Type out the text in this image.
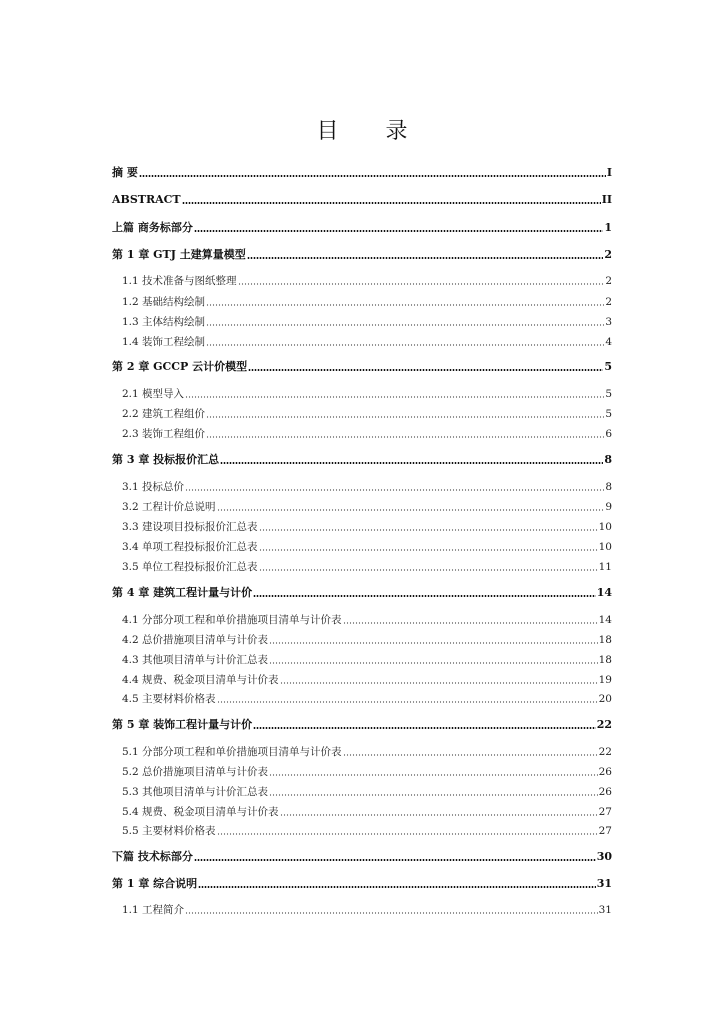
目 录
摘 要	I
ABSTRACT	II
上篇 商务标部分	1
第 1 章 GTJ 土建算量模型	2
1.1 技术准备与图纸整理	2
1.2 基础结构绘制	2
1.3 主体结构绘制	3
1.4 装饰工程绘制	4
第 2 章 GCCP 云计价模型	5
2.1 模型导入	5
2.2 建筑工程组价	5
2.3 装饰工程组价	6
第 3 章 投标报价汇总	8
3.1 投标总价	8
3.2 工程计价总说明	9
3.3 建设项目投标报价汇总表	10
3.4 单项工程投标报价汇总表	10
3.5 单位工程投标报价汇总表	11
第 4 章 建筑工程计量与计价	14
4.1 分部分项工程和单价措施项目清单与计价表	14
4.2 总价措施项目清单与计价表	18
4.3 其他项目清单与计价汇总表	18
4.4 规费、税金项目清单与计价表	19
4.5 主要材料价格表	20
第 5 章 装饰工程计量与计价	22
5.1 分部分项工程和单价措施项目清单与计价表	22
5.2 总价措施项目清单与计价表	26
5.3 其他项目清单与计价汇总表	26
5.4 规费、税金项目清单与计价表	27
5.5 主要材料价格表	27
下篇 技术标部分	30
第 1 章 综合说明	31
1.1 工程简介	31
